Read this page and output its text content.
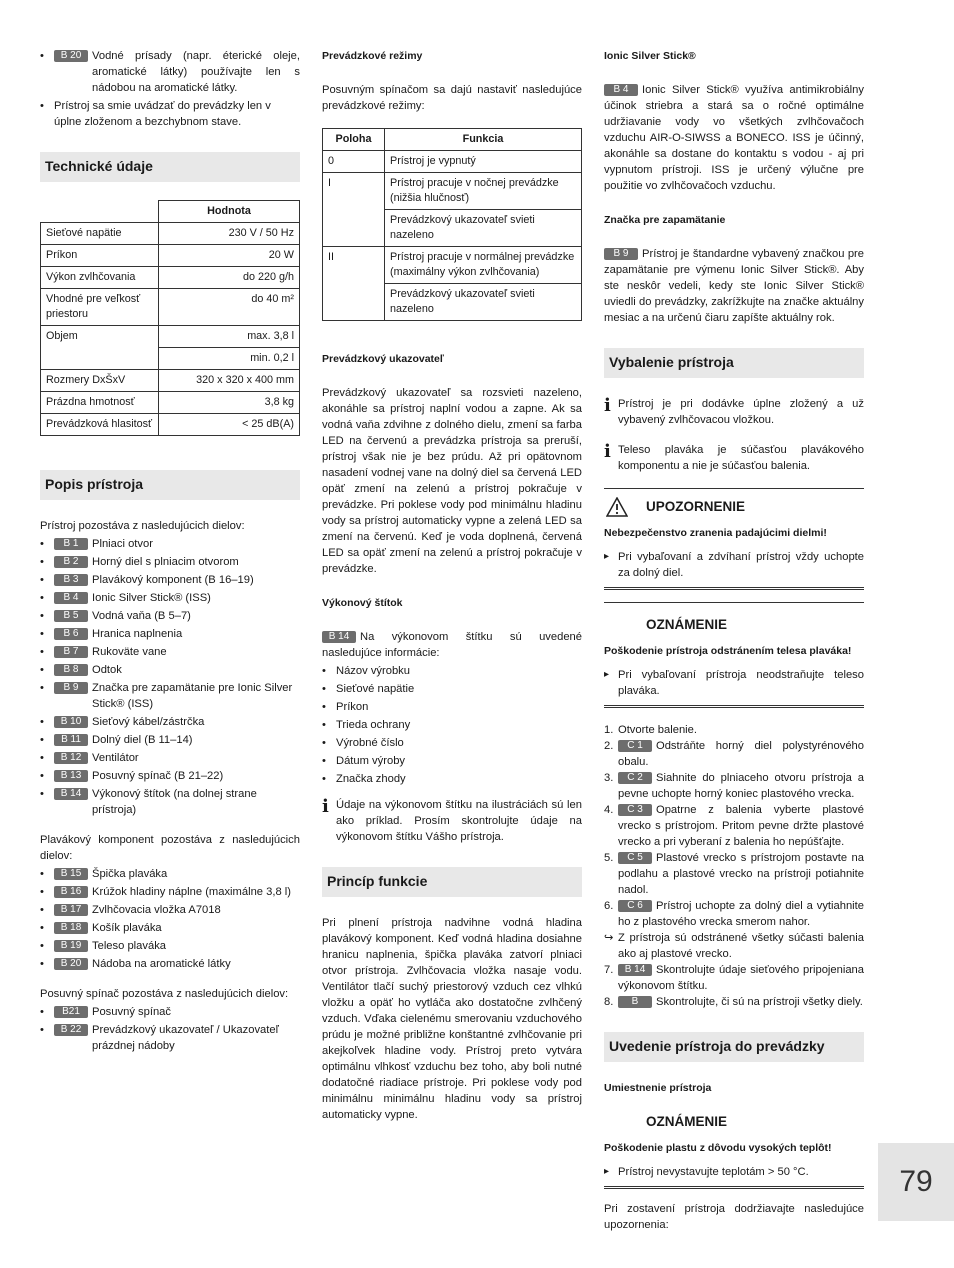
• B 20 Vodné prísady (napr. éterické oleje, aromatické látky) používajte len s nádobou na aromatické látky.
• Prístroj sa smie uvádzať do prevádzky len v úplne zloženom a bezchybnom stave.
Technické údaje
	Hodnota
Sieťové napätie	230 V / 50 Hz
Príkon	20 W
Výkon zvlhčovania	do 220 g/h
Vhodné pre veľkosť priestoru	do 40 m²
Objem	max. 3,8 l
	min. 0,2 l
Rozmery DxŠxV	320 x 320 x 400 mm
Prázdna hmotnosť	3,8 kg
Prevádzková hlasitosť	< 25 dB(A)
Popis prístroja

Prístroj pozostáva z nasledujúcich dielov:

• B 1	Plniaci otvor
• B 2	Horný diel s plniacim otvorom
• B 3	Plavákový komponent (B 16–19)
• B 4	Ionic Silver Stick® (ISS)
• B 5	Vodná vaňa (B 5–7)
• B 6	Hranica naplnenia
• B 7	Rukoväte vane
• B 8	Odtok
• B 9	Značka pre zapamätanie pre Ionic Silver Stick® (ISS)
• B 10 Sieťový kábel/zástrčka
• B 11 Dolný diel (B 11–14)
• B 12 Ventilátor
• B 13 Posuvný spínač (B 21–22)
• B 14 Výkonový štítok (na dolnej strane prístroja)

Plavákový komponent pozostáva z nasledujúcich dielov:

• B 15 Špička plaváka
• B 16 Krúžok hladiny náplne (maximálne 3,8 l)
• B 17 Zvlhčovacia vložka A7018
• B 18 Košík plaváka
• B 19 Teleso plaváka
• B 20 Nádoba na aromatické látky

Posuvný spínač pozostáva z nasledujúcich dielov:

• B21	Posuvný spínač
• B 22 Prevádzkový ukazovateľ / Ukazovateľ prázdnej nádoby
Prevádzkové režimy

Posuvným spínačom sa dajú nastaviť nasledujúce prevádzkové režimy:

Poloha	Funkcia
0	Prístroj je vypnutý
I	Prístroj pracuje v nočnej prevádzke (nižšia hlučnosť)
	Prevádzkový ukazovateľ svieti nazeleno
II	Prístroj pracuje v normálnej prevádzke (maximálny výkon zvlhčovania)
	Prevádzkový ukazovateľ svieti nazeleno
Prevádzkový ukazovateľ

Prevádzkový ukazovateľ sa rozsvieti nazeleno, akonáhle sa prístroj naplní vodou a zapne. Ak sa vodná vaňa zdvihne z dolného dielu, zmení sa farba LED na červenú a prevádzka prístroja sa preruší, prístroj však nie je bez prúdu. Až pri opätovnom nasadení vodnej vane na dolný diel sa červená LED opäť zmení na zelenú a prístroj pokračuje v prevádzke. Pri poklese vody pod minimálnu hladinu vody sa prístroj automaticky vypne a zelená LED sa zmení na červenú. Keď je voda doplnená, červená LED sa opäť zmení na zelenú a prístroj pokračuje v prevádzke.

Výkonový štítok

B 14 Na výkonovom štítku sú uvedené nasledujúce informácie:

• Názov výrobku
• Sieťové napätie
• Príkon
• Trieda ochrany
• Výrobné číslo
• Dátum výroby
• Značka zhody
i Údaje na výkonovom štítku na ilustráciách sú len ako príklad. Prosím skontrolujte údaje na výkonovom štítku Vášho prístroja.
Princíp funkcie

Pri plnení prístroja nadvihne vodná hladina plavákový komponent. Keď vodná hladina dosiahne hranicu naplnenia, špička plaváka zatvorí plniaci otvor prístroja. Zvlhčovacia vložka nasaje vodu. Ventilátor tlačí suchý priestorový vzduch cez vlhkú vložku a opäť ho vytláča ako dostatočne zvlhčený vzduch. Vďaka cielenému smerovaniu vzduchového prúdu je možné približne konštantné zvlhčovanie pri akejkoľvek hladine vody. Prístroj preto vytvára optimálnu vlhkosť vzduchu bez toho, aby boli nutné dodatočné riadiace prístroje. Pri poklese vody pod minimálnu minimálnu hladinu vody sa prístroj automaticky vypne.

Ionic Silver Stick®

B 4 Ionic Silver Stick® využíva antimikrobiálny účinok striebra a stará sa o ročné optimálne udržiavanie vody vo všetkých zvlhčovačoch vzduchu AIR-O-SIWSS a BONECO. ISS je účinný, akonáhle sa dostane do kontaktu s vodou - aj pri vypnutom prístroji. ISS je určený výlučne pre použitie vo zvlhčovačoch vzduchu.

Značka pre zapamätanie

B 9 Prístroj je štandardne vybavený značkou pre zapamätanie pre výmenu Ionic Silver Stick®. Aby ste neskôr vedeli, kedy ste Ionic Silver Stick® uviedli do prevádzky, zakrížkujte na značke aktuálny mesiac a na určenú čiaru zapíšte aktuálny rok.

Vybalenie prístroja
i Prístroj je pri dodávke úplne zložený a už vybavený zvlhčovacou vložkou.
i Teleso plaváka je súčasťou plavákového komponentu a nie je súčasťou balenia.
UPOZORNENIE
Nebezpečenstvo zranenia padajúcimi dielmi!
▸ Pri vybaľovaní a zdvíhaní prístroj vždy uchopte za dolný diel.
OZNÁMENIE
Poškodenie prístroja odstránením telesa plaváka!
▸ Pri vybaľovaní prístroja neodstraňujte teleso plaváka.
1. Otvorte balenie.
2. C 1 Odstráňte horný diel polystyrénového obalu.
3. C 2 Siahnite do plniaceho otvoru prístroja a pevne uchopte horný koniec plastového vrecka.
4. C 3 Opatrne z balenia vyberte plastové vrecko s prístrojom. Pritom pevne držte plastové vrecko a pri vyberaní z balenia ho nepúšťajte.
5. C 5 Plastové vrecko s prístrojom postavte na podlahu a plastové vrecko na prístroji potiahnite nadol.
6. C 6 Prístroj uchopte za dolný diel a vytiahnite ho z plastového vrecka smerom nahor.
↪ Z prístroja sú odstránené všetky súčasti balenia ako aj plastové vrecko.
7. B 14 Skontrolujte údaje sieťového pripojeniana výkonovom štítku.
8. B Skontrolujte, či sú na prístroji všetky diely.
Uvedenie prístroja do prevádzky
Umiestnenie prístroja
OZNÁMENIE
Poškodenie plastu z dôvodu vysokých teplôt!
▸ Prístroj nevystavujte teplotám > 50 °C.

Pri zostavení prístroja dodržiavajte nasledujúce upozornenia:

79
